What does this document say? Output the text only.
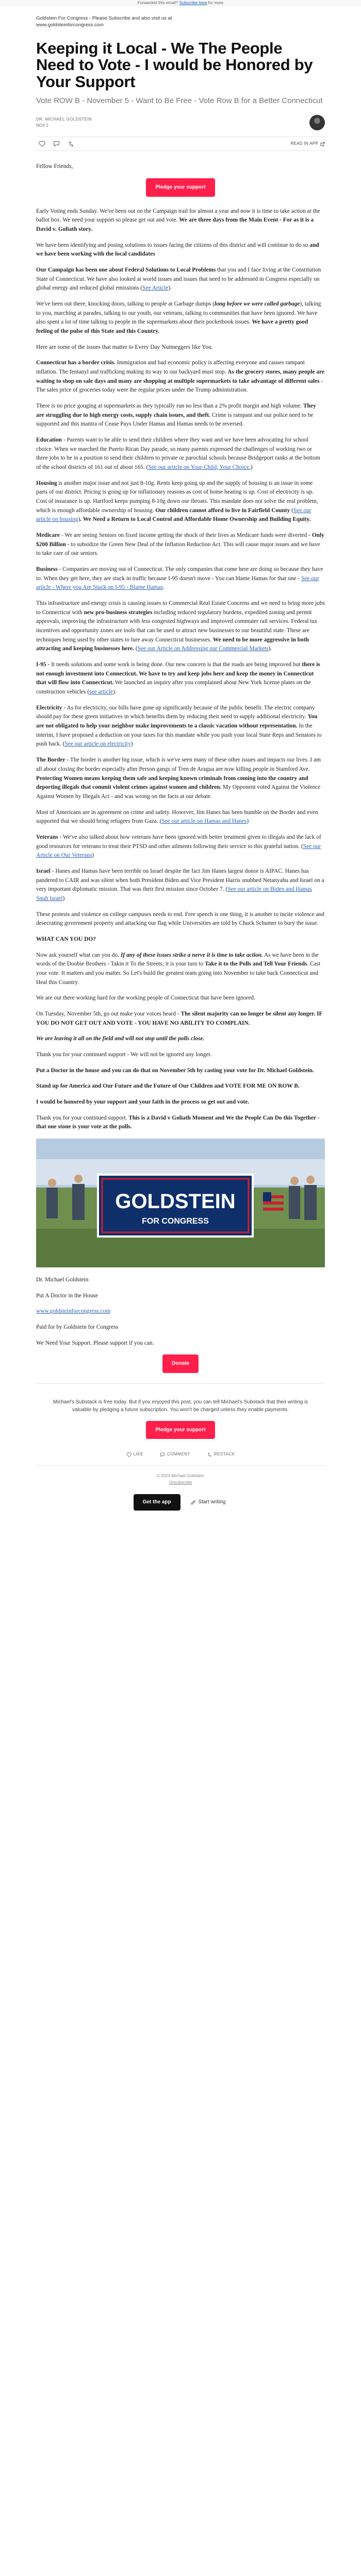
Forwarded this email? Subscribe here for more
Goldstein For Congress - Please Subscribe and also visit us at
www.goldsteinforcongress.com
Keeping it Local - We The People Need to Vote - I would be Honored by Your Support
Vote ROW B - November 5 - Want to Be Free - Vote Row B for a Better Connecticut
DR. MICHAEL GOLDSTEIN
NOV 2
READ IN APP

Fellow Friends,

Pledge your support

Early Voting ends Sunday. We've been out on the Campaign trail for almost a year and now it is time to take action at the ballot box. We need your support so please get out and vote. We are three days from the Main Event - For as it is a David v. Goliath story.

We have been identifying and posing solutions to issues facing the citizens of this district and will continue to do so and we have been working with the local candidates

Our Campaign has been one about Federal Solutions to Local Problems that you and I face living at the Constitution State of Connecticut. We have also looked at world issues and issues that need to be addressed in Congress especially on global energy and reduced global emissions (See Article).

We've been out there, knocking doors, talking to people at Garbage dumps (long before we were called garbage), talking to you, marching at parades, talking to our youth, our veterans, talking to communities that have been ignored. We have also spent a lot of time talking to people in the supermarkets about their pocketbook issues. We have a pretty good feeling of the pulse of this State and this Country.

Here are some of the issues that matter to Every Day Nutmeggers like You.

Connecticut has a border crisis. Immigration and bad economic policy is affecting everyone and causes rampant inflation. The fentanyl and trafficking making its way to our backyard must stop. As the grocery stores, many people are waiting to shop on sale days and many are shopping at multiple supermarkets to take advantage of different sales - The sales price of groceries today were the regular prices under the Trump administration.

There is no price gouging at supermarkets as they typically run no less than a 2% profit margin and high volume. They are struggling due to high energy costs, supply chain issues, and theft. Crime is rampant and our police need to be supported and this mantra of Cease Pays Under Hamas and Hamas needs to be reversed.

Education - Parents want to be able to send their children where they want and we have been advocating for school choice. When we marched the Puerto Rican Day parade, so many parents expressed the challenges of working two or three jobs to be in a position to send their children to private or parochial schools because Bridgeport ranks at the bottom of the school districts of 161 out of about 165. (See our article on Your Child, Your Choice.)

Housing is another major issue and not just 8-10g. Rents keep going up and the supply of housing is an issue in some parts of our district. Pricing is going up for inflationary reasons as cost of home heating is up. Cost of electricity is up. Cost of insurance is up. Hartford keeps pumping 8-10g down our throats. This mandate does not solve the real problem, which is enough affordable ownership of housing. Our children cannot afford to live in Fairfield County (See our article on housing). We Need a Return to Local Control and Affordable Home Ownership and Building Equity.

Medicare - We are seeing Seniors on fixed income getting the shock of their lives as Medicare funds were diverted - Only $200 Billion - to subsidize the Green New Deal of the Inflation Reduction Act. This will cause major issues and we have to take care of our seniors.

Business - Companies are moving out of Connecticut. The only companies that come here are doing so because they have to. When they get here, they are stuck in traffic because I-95 doesn't move - You can blame Hamas for that one - See our article - Where you Are Stuck on I-95 - Blame Hamas.

This infrastructure and energy crisis is causing issues to Commercial Real Estate Concerns and we need to bring more jobs to Connecticut with new pro-business strategies including reduced regulatory burdens, expedited zoning and permit approvals, improving the infrastructure with less congested highways and improved commuter rail services. Federal tax incentives and opportunity zones are tools that can be used to attract new businesses to our beautiful state. These are techniques being used by other states to lure away Connecticut businesses. We need to be more aggressive in both attracting and keeping businesses here. (See our Article on Addressing our Commercial Markets).

I-95 - It needs solutions and some work is being done. Our new concern is that the roads are being improved but there is not enough investment into Connecticut. We have to try and keep jobs here and keep the money in Connecticut that will flow into Connecticut. We launched an inquiry after you complained about New York license plates on the construction vehicles (see article).

Electricity - As for electricity, our bills have gone up significantly because of the public benefit. The electric company should pay for these green initiatives in which benefits them by reducing their need to supply additional electricity. You are not obligated to help your neighbor make improvements to a classic vacation without representation. In the interim, I have proposed a deduction on your taxes for this mandate while you push your local State Reps and Senators to push back. (See our article on electricity)

The Border - The border is another big issue, which is we've seen many of these other issues and impacts our lives. I am all about closing the border especially after Person gangs of Tren de Aragua are now killing people in Stamford Ave. Protecting Women means keeping them safe and keeping known criminals from coming into the country and deporting illegals that commit violent crimes against women and children. My Opponent voted Against the Violence Against Women by Illegals Act - and was wrong on the facts at our debate.

Most of Americans are in agreement on crime and safety. However, Jim Hanes has been humble on the Border and even supported that we should bring refugees from Gaza. (See our article on Hamas and Hanes)

Veterans - We've also talked about how veterans have been ignored with better treatment given to illegals and the lack of good resources for veterans to treat their PTSD and other ailments following their service to this grateful nation. (See our Article on Our Veterans)

Israel - Hanes and Hamas have been terrible on Israel despite the fact Jim Hanes largest donor is AIPAC. Hanes has pandered to CAIR and was silent when both President Biden and Vice President Harris snubbed Netanyahu and Israel on a very important diplomatic mission. That was their first mission since October 7. (See our article on Biden and Hamas Snub Israel)

These protests and violence on college campuses needs to end. Free speech is one thing, it is another to incite violence and desecrating government property and attacking our flag while Universities are told by Chuck Schumer to bury the issue.

WHAT CAN YOU DO?

Now ask yourself what can you do. If any of these issues strike a nerve it is time to take action. As we have been in the words of the Doobie Brothers - Takin it To the Streets; it is your turn to Take it to the Polls and Tell Your Friends. Cast your vote. It matters and you matter. So Let's build the greatest team going into November to take back Connecticut and Heal this Country.

We are out there working hard for the working people of Connecticut that have been ignored.

On Tuesday, November 5th, go out make your voices heard - The silent majority can no longer be silent any longer. IF YOU DO NOT GET OUT AND VOTE - YOU HAVE NO ABILITY TO COMPLAIN.

We are leaving it all on the field and will not stop until the polls close.

Thank you for your continued support - We will not be ignored any longer.

Put a Doctor in the house and you can do that on November 5th by casting your vote for Dr. Michael Goldstein.

Stand up for America and Our Future and the Future of Our Children and VOTE FOR ME ON ROW B.

I would be honored by your support and your faith in the process so get out and vote.

Thank you for your continued support. This is a David v Goliath Moment and We the People Can Do this Together - that one stone is your vote at the polls.

GOLDSTEIN
FOR CONGRESS

Dr. Michael Goldstein

Put A Doctor in the House

www.goldsteinforcongress.com

Paid for by Goldstein for Congress

We Need Your Support. Please support if you can.

Donate
Michael's Substack is free today. But if you enjoyed this post, you can tell Michael's Substack that their writing is valuable by pledging a future subscription. You won't be charged unless they enable payments.
Pledge your support
LIKE	COMMENT	RESTACK
© 2024 Michael Goldstein
Unsubscribe
Get the app	Start writing
